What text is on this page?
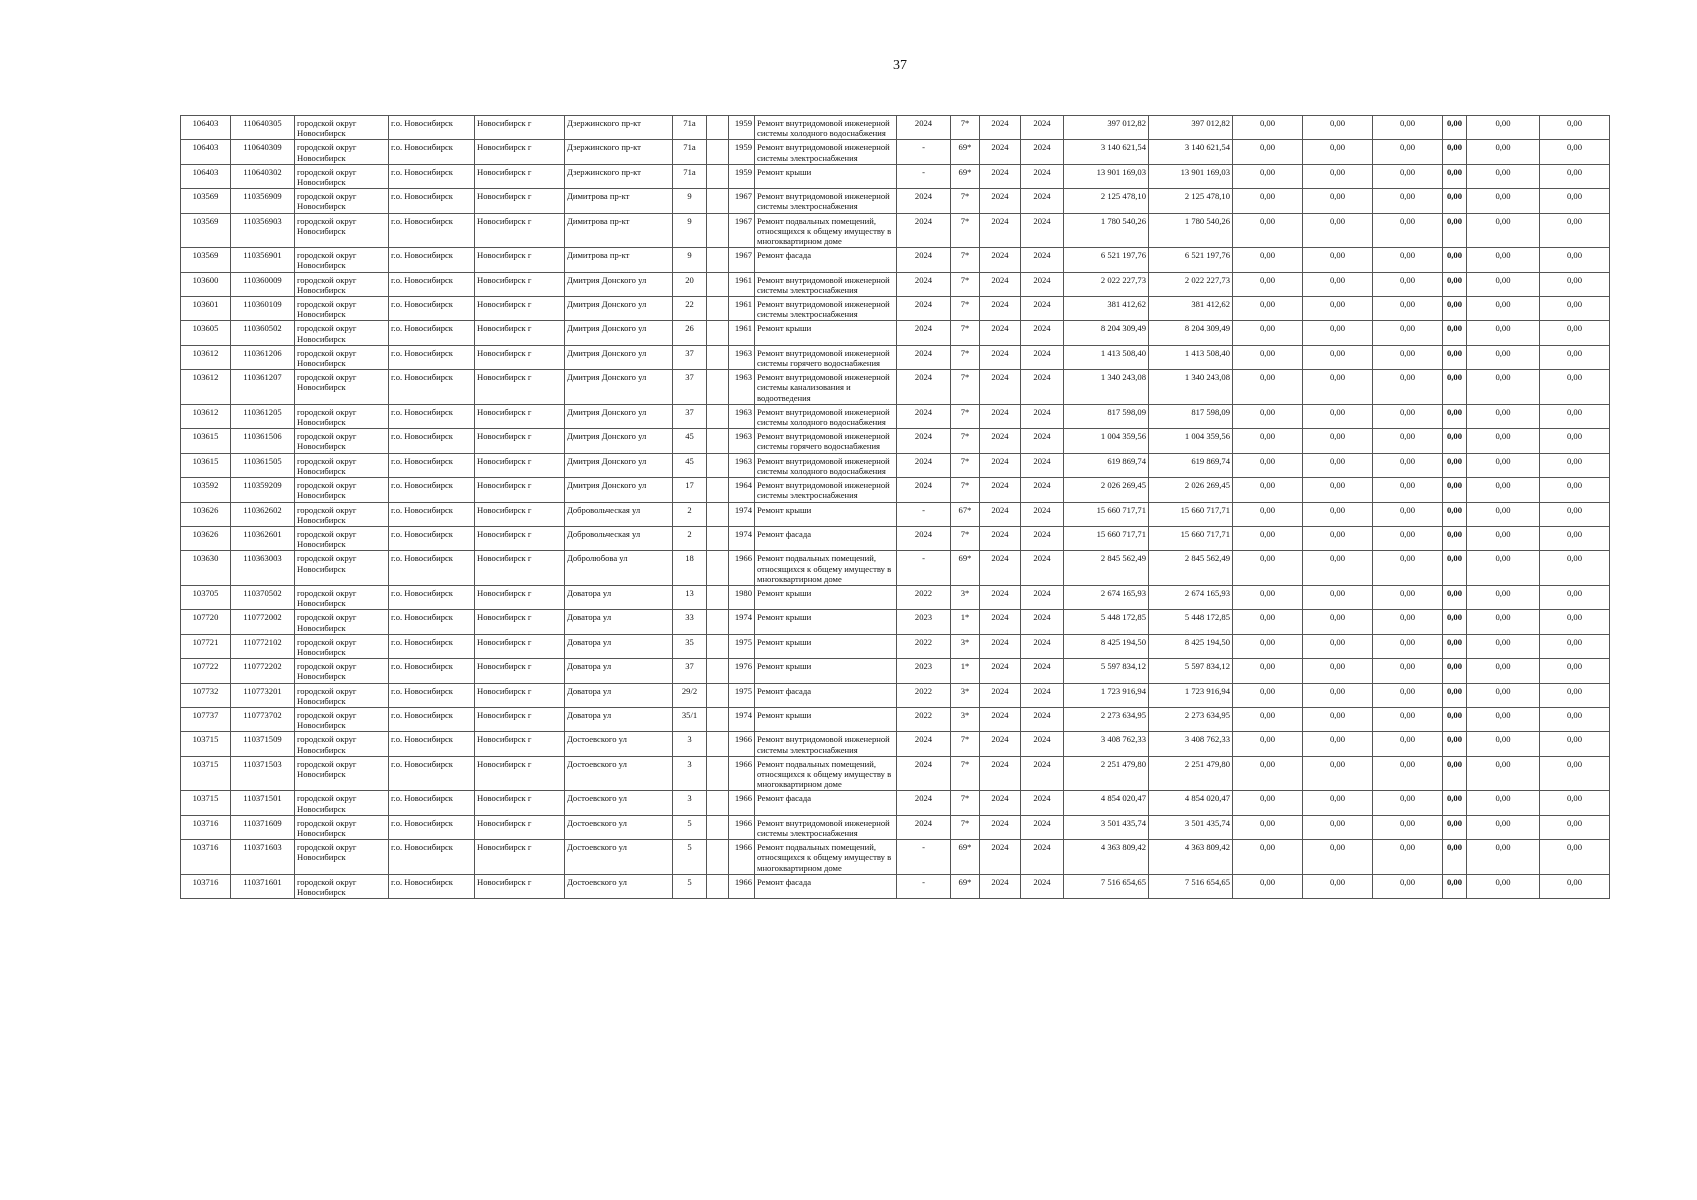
37
106403	110640305	городской округ Новосибирск	г.о. Новосибирск	Новосибирск г	Дзержинского пр-кт	71а		1959	Ремонт внутридомовой инженерной системы холодного водоснабжения	2024	7*	2024	2024	397 012,82	397 012,82	0,00	0,00	0,00	0,00	0,00	0,00
106403	110640309	городской округ Новосибирск	г.о. Новосибирск	Новосибирск г	Дзержинского пр-кт	71а		1959	Ремонт внутридомовой инженерной системы электроснабжения	-	69*	2024	2024	3 140 621,54	3 140 621,54	0,00	0,00	0,00	0,00	0,00	0,00
106403	110640302	городской округ Новосибирск	г.о. Новосибирск	Новосибирск г	Дзержинского пр-кт	71а		1959	Ремонт крыши	-	69*	2024	2024	13 901 169,03	13 901 169,03	0,00	0,00	0,00	0,00	0,00	0,00
103569	110356909	городской округ Новосибирск	г.о. Новосибирск	Новосибирск г	Димитрова пр-кт	9		1967	Ремонт внутридомовой инженерной системы электроснабжения	2024	7*	2024	2024	2 125 478,10	2 125 478,10	0,00	0,00	0,00	0,00	0,00	0,00
103569	110356903	городской округ Новосибирск	г.о. Новосибирск	Новосибирск г	Димитрова пр-кт	9		1967	Ремонт подвальных помещений, относящихся к общему имуществу в многоквартирном доме	2024	7*	2024	2024	1 780 540,26	1 780 540,26	0,00	0,00	0,00	0,00	0,00	0,00
103569	110356901	городской округ Новосибирск	г.о. Новосибирск	Новосибирск г	Димитрова пр-кт	9		1967	Ремонт фасада	2024	7*	2024	2024	6 521 197,76	6 521 197,76	0,00	0,00	0,00	0,00	0,00	0,00
103600	110360009	городской округ Новосибирск	г.о. Новосибирск	Новосибирск г	Дмитрия Донского ул	20		1961	Ремонт внутридомовой инженерной системы электроснабжения	2024	7*	2024	2024	2 022 227,73	2 022 227,73	0,00	0,00	0,00	0,00	0,00	0,00
103601	110360109	городской округ Новосибирск	г.о. Новосибирск	Новосибирск г	Дмитрия Донского ул	22		1961	Ремонт внутридомовой инженерной системы электроснабжения	2024	7*	2024	2024	381 412,62	381 412,62	0,00	0,00	0,00	0,00	0,00	0,00
103605	110360502	городской округ Новосибирск	г.о. Новосибирск	Новосибирск г	Дмитрия Донского ул	26		1961	Ремонт крыши	2024	7*	2024	2024	8 204 309,49	8 204 309,49	0,00	0,00	0,00	0,00	0,00	0,00
103612	110361206	городской округ Новосибирск	г.о. Новосибирск	Новосибирск г	Дмитрия Донского ул	37		1963	Ремонт внутридомовой инженерной системы горячего водоснабжения	2024	7*	2024	2024	1 413 508,40	1 413 508,40	0,00	0,00	0,00	0,00	0,00	0,00
103612	110361207	городской округ Новосибирск	г.о. Новосибирск	Новосибирск г	Дмитрия Донского ул	37		1963	Ремонт внутридомовой инженерной системы канализования и водоотведения	2024	7*	2024	2024	1 340 243,08	1 340 243,08	0,00	0,00	0,00	0,00	0,00	0,00
103612	110361205	городской округ Новосибирск	г.о. Новосибирск	Новосибирск г	Дмитрия Донского ул	37		1963	Ремонт внутридомовой инженерной системы холодного водоснабжения	2024	7*	2024	2024	817 598,09	817 598,09	0,00	0,00	0,00	0,00	0,00	0,00
103615	110361506	городской округ Новосибирск	г.о. Новосибирск	Новосибирск г	Дмитрия Донского ул	45		1963	Ремонт внутридомовой инженерной системы горячего водоснабжения	2024	7*	2024	2024	1 004 359,56	1 004 359,56	0,00	0,00	0,00	0,00	0,00	0,00
103615	110361505	городской округ Новосибирск	г.о. Новосибирск	Новосибирск г	Дмитрия Донского ул	45		1963	Ремонт внутридомовой инженерной системы холодного водоснабжения	2024	7*	2024	2024	619 869,74	619 869,74	0,00	0,00	0,00	0,00	0,00	0,00
103592	110359209	городской округ Новосибирск	г.о. Новосибирск	Новосибирск г	Дмитрия Донского ул	17		1964	Ремонт внутридомовой инженерной системы электроснабжения	2024	7*	2024	2024	2 026 269,45	2 026 269,45	0,00	0,00	0,00	0,00	0,00	0,00
103626	110362602	городской округ Новосибирск	г.о. Новосибирск	Новосибирск г	Добровольческая ул	2		1974	Ремонт крыши	-	67*	2024	2024	15 660 717,71	15 660 717,71	0,00	0,00	0,00	0,00	0,00	0,00
103626	110362601	городской округ Новосибирск	г.о. Новосибирск	Новосибирск г	Добровольческая ул	2		1974	Ремонт фасада	2024	7*	2024	2024	15 660 717,71	15 660 717,71	0,00	0,00	0,00	0,00	0,00	0,00
103630	110363003	городской округ Новосибирск	г.о. Новосибирск	Новосибирск г	Добролюбова ул	18		1966	Ремонт подвальных помещений, относящихся к общему имуществу в многоквартирном доме	-	69*	2024	2024	2 845 562,49	2 845 562,49	0,00	0,00	0,00	0,00	0,00	0,00
103705	110370502	городской округ Новосибирск	г.о. Новосибирск	Новосибирск г	Доватора ул	13		1980	Ремонт крыши	2022	3*	2024	2024	2 674 165,93	2 674 165,93	0,00	0,00	0,00	0,00	0,00	0,00
107720	110772002	городской округ Новосибирск	г.о. Новосибирск	Новосибирск г	Доватора ул	33		1974	Ремонт крыши	2023	1*	2024	2024	5 448 172,85	5 448 172,85	0,00	0,00	0,00	0,00	0,00	0,00
107721	110772102	городской округ Новосибирск	г.о. Новосибирск	Новосибирск г	Доватора ул	35		1975	Ремонт крыши	2022	3*	2024	2024	8 425 194,50	8 425 194,50	0,00	0,00	0,00	0,00	0,00	0,00
107722	110772202	городской округ Новосибирск	г.о. Новосибирск	Новосибирск г	Доватора ул	37		1976	Ремонт крыши	2023	1*	2024	2024	5 597 834,12	5 597 834,12	0,00	0,00	0,00	0,00	0,00	0,00
107732	110773201	городской округ Новосибирск	г.о. Новосибирск	Новосибирск г	Доватора ул	29/2		1975	Ремонт фасада	2022	3*	2024	2024	1 723 916,94	1 723 916,94	0,00	0,00	0,00	0,00	0,00	0,00
107737	110773702	городской округ Новосибирск	г.о. Новосибирск	Новосибирск г	Доватора ул	35/1		1974	Ремонт крыши	2022	3*	2024	2024	2 273 634,95	2 273 634,95	0,00	0,00	0,00	0,00	0,00	0,00
103715	110371509	городской округ Новосибирск	г.о. Новосибирск	Новосибирск г	Достоевского ул	3		1966	Ремонт внутридомовой инженерной системы электроснабжения	2024	7*	2024	2024	3 408 762,33	3 408 762,33	0,00	0,00	0,00	0,00	0,00	0,00
103715	110371503	городской округ Новосибирск	г.о. Новосибирск	Новосибирск г	Достоевского ул	3		1966	Ремонт подвальных помещений, относящихся к общему имуществу в многоквартирном доме	2024	7*	2024	2024	2 251 479,80	2 251 479,80	0,00	0,00	0,00	0,00	0,00	0,00
103715	110371501	городской округ Новосибирск	г.о. Новосибирск	Новосибирск г	Достоевского ул	3		1966	Ремонт фасада	2024	7*	2024	2024	4 854 020,47	4 854 020,47	0,00	0,00	0,00	0,00	0,00	0,00
103716	110371609	городской округ Новосибирск	г.о. Новосибирск	Новосибирск г	Достоевского ул	5		1966	Ремонт внутридомовой инженерной системы электроснабжения	2024	7*	2024	2024	3 501 435,74	3 501 435,74	0,00	0,00	0,00	0,00	0,00	0,00
103716	110371603	городской округ Новосибирск	г.о. Новосибирск	Новосибирск г	Достоевского ул	5		1966	Ремонт подвальных помещений, относящихся к общему имуществу в многоквартирном доме	-	69*	2024	2024	4 363 809,42	4 363 809,42	0,00	0,00	0,00	0,00	0,00	0,00
103716	110371601	городской округ Новосибирск	г.о. Новосибирск	Новосибирск г	Достоевского ул	5		1966	Ремонт фасада	-	69*	2024	2024	7 516 654,65	7 516 654,65	0,00	0,00	0,00	0,00	0,00	0,00
